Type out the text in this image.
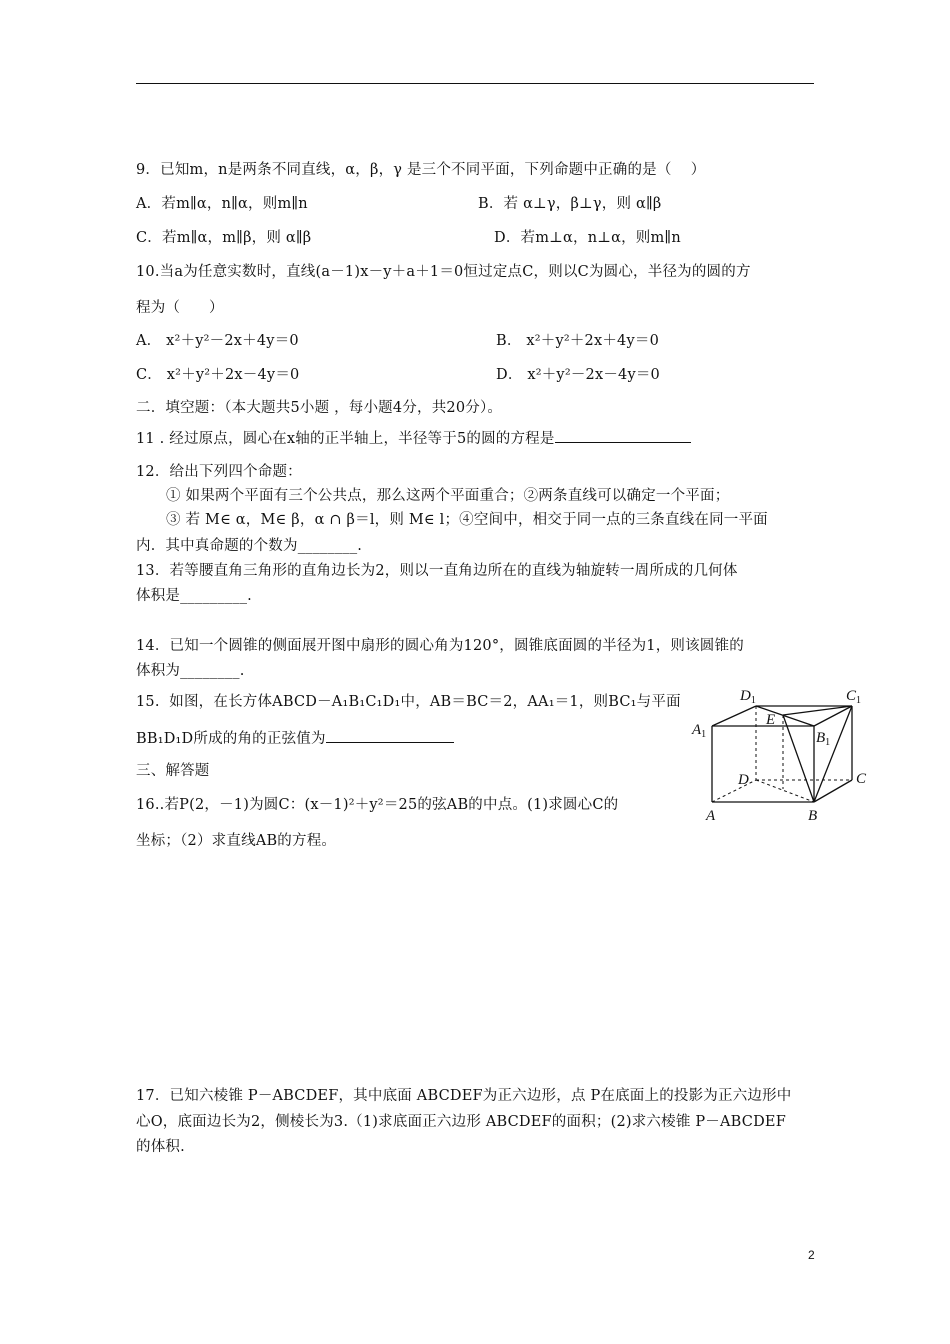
9．已知m，n是两条不同直线，α，β，γ 是三个不同平面，下列命题中正确的是（    ）
A．若m∥α，n∥α，则m∥n	B．若 α⊥γ，β⊥γ，则 α∥β
C．若m∥α，m∥β，则 α∥β	D．若m⊥α，n⊥α，则m∥n
10.当a为任意实数时，直线(a－1)x－y＋a＋1＝0恒过定点C，则以C为圆心，半径为的圆的方
程为（      ）
A． x²＋y²－2x＋4y＝0	B． x²＋y²＋2x＋4y＝0
C． x²＋y²＋2x－4y＝0	D． x²＋y²－2x－4y＝0
二．填空题：（本大题共5小题 ，每小题4分，共20分）。
11 . 经过原点，圆心在x轴的正半轴上，半径等于5的圆的方程是
12．给出下列四个命题：
① 如果两个平面有三个公共点，那么这两个平面重合；②两条直线可以确定一个平面；
③ 若 M∈ α，M∈ β，α ∩ β＝l，则 M∈ l；④空间中，相交于同一点的三条直线在同一平面
内．其中真命题的个数为________.
13．若等腰直角三角形的直角边长为2，则以一直角边所在的直线为轴旋转一周所成的几何体
体积是_________.
14．已知一个圆锥的侧面展开图中扇形的圆心角为120°，圆锥底面圆的半径为1，则该圆锥的
体积为________.
15.  如图，在长方体ABCD－A₁B₁C₁D₁中，AB＝BC＝2，AA₁＝1，则BC₁与平面
BB₁D₁D所成的角的正弦值为
三、解答题
16..若P(2，－1)为圆C：(x－1)²＋y²＝25的弦AB的中点。(1)求圆心C的
坐标；（2）求直线AB的方程。
17．已知六棱锥 P－ABCDEF，其中底面 ABCDEF为正六边形，点 P在底面上的投影为正六边形中
心O，底面边长为2，侧棱长为3.（1)求底面正六边形 ABCDEF的面积；(2)求六棱锥 P－ABCDEF
的体积.
$D_1$	$C_1$
$A_1$	$B_1$
E
D	C
A	B
2
